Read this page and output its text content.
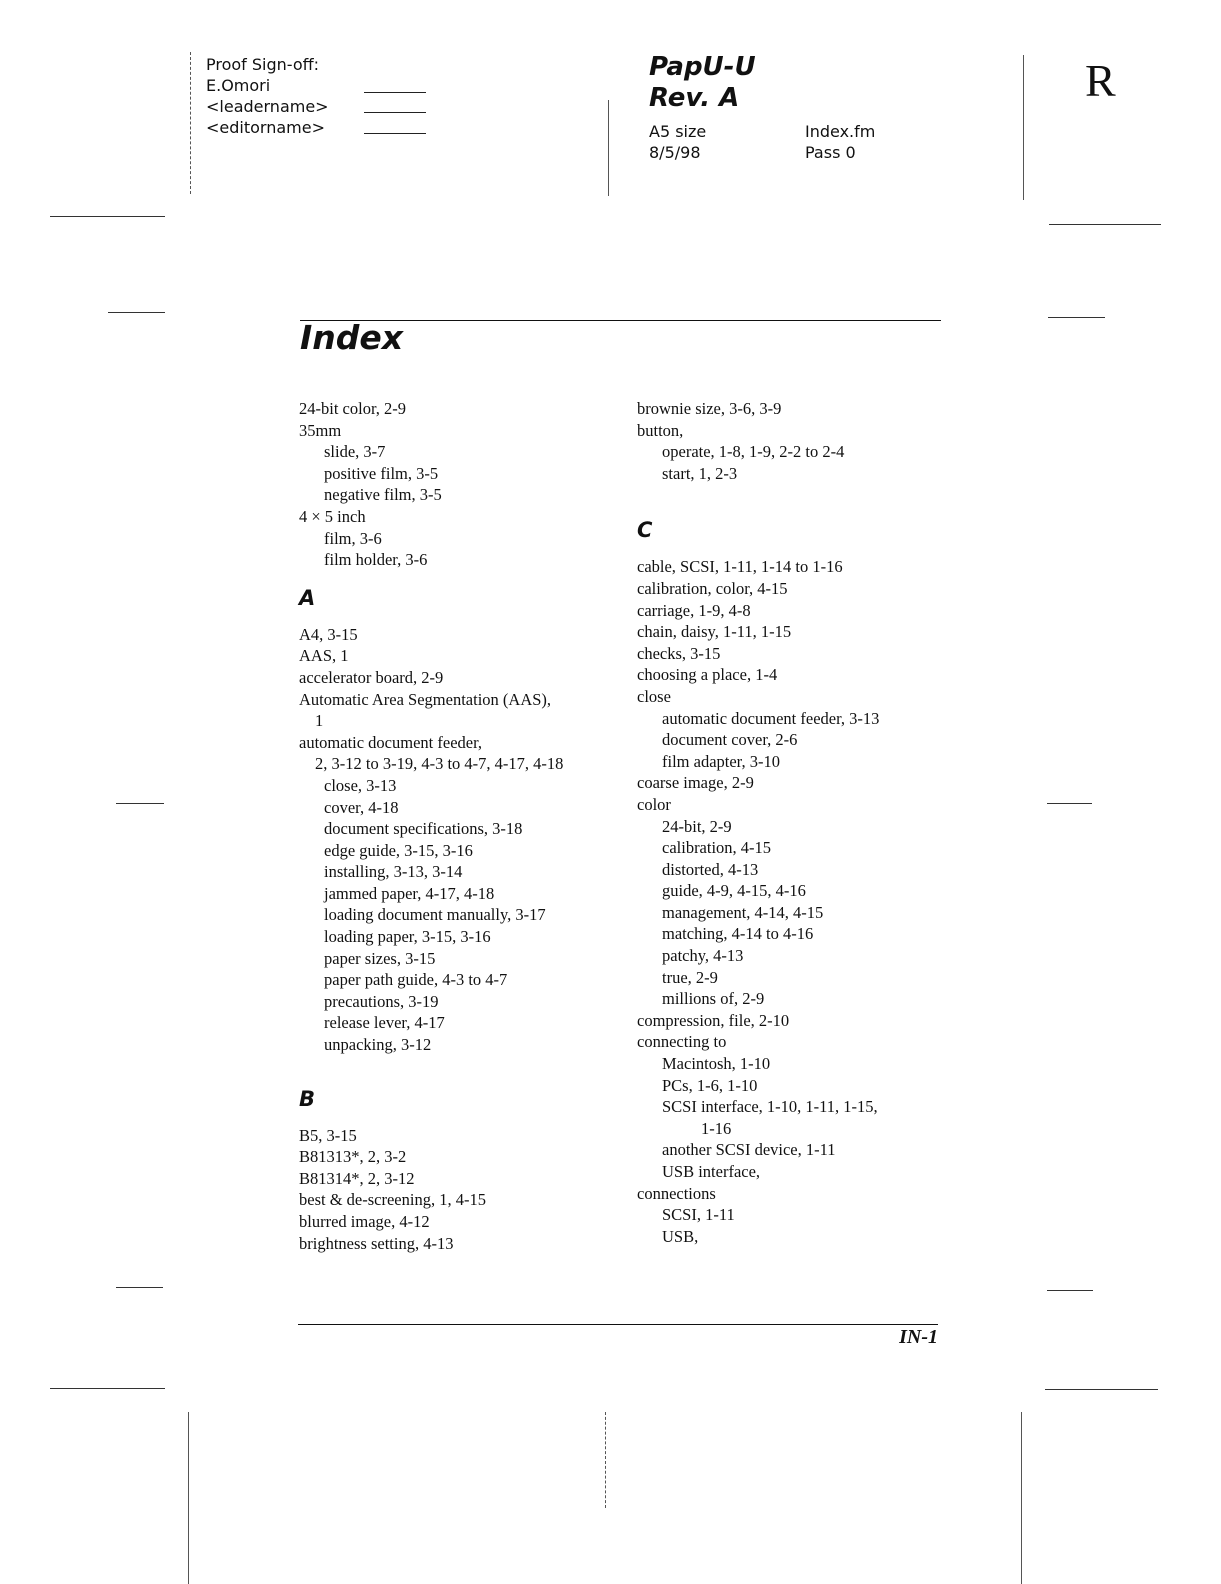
Proof Sign-off:
E.Omori
<leadername>
<editorname>
PapU-U
Rev. A
A5 size
8/5/98
Index.fm
Pass 0
R
Index
24-bit color, 2-9
35mm
slide, 3-7
positive film, 3-5
negative film, 3-5
4 × 5 inch
film, 3-6
film holder, 3-6
A
A4, 3-15
AAS, 1
accelerator board, 2-9
Automatic Area Segmentation (AAS),
1
automatic document feeder,
2, 3-12 to 3-19, 4-3 to 4-7, 4-17, 4-18
close, 3-13
cover, 4-18
document specifications, 3-18
edge guide, 3-15, 3-16
installing, 3-13, 3-14
jammed paper, 4-17, 4-18
loading document manually, 3-17
loading paper, 3-15, 3-16
paper sizes, 3-15
paper path guide, 4-3 to 4-7
precautions, 3-19
release lever, 4-17
unpacking, 3-12
B
B5, 3-15
B81313*, 2, 3-2
B81314*, 2, 3-12
best & de-screening, 1, 4-15
blurred image, 4-12
brightness setting, 4-13
brownie size, 3-6, 3-9
button,
operate, 1-8, 1-9, 2-2 to 2-4
start, 1, 2-3
C
cable, SCSI, 1-11, 1-14 to 1-16
calibration, color, 4-15
carriage, 1-9, 4-8
chain, daisy, 1-11, 1-15
checks, 3-15
choosing a place, 1-4
close
automatic document feeder, 3-13
document cover, 2-6
film adapter, 3-10
coarse image, 2-9
color
24-bit, 2-9
calibration, 4-15
distorted, 4-13
guide, 4-9, 4-15, 4-16
management, 4-14, 4-15
matching, 4-14 to 4-16
patchy, 4-13
true, 2-9
millions of, 2-9
compression, file, 2-10
connecting to
Macintosh, 1-10
PCs, 1-6, 1-10
SCSI interface, 1-10, 1-11, 1-15,
1-16
another SCSI device, 1-11
USB interface,
connections
SCSI, 1-11
USB,
IN-1
